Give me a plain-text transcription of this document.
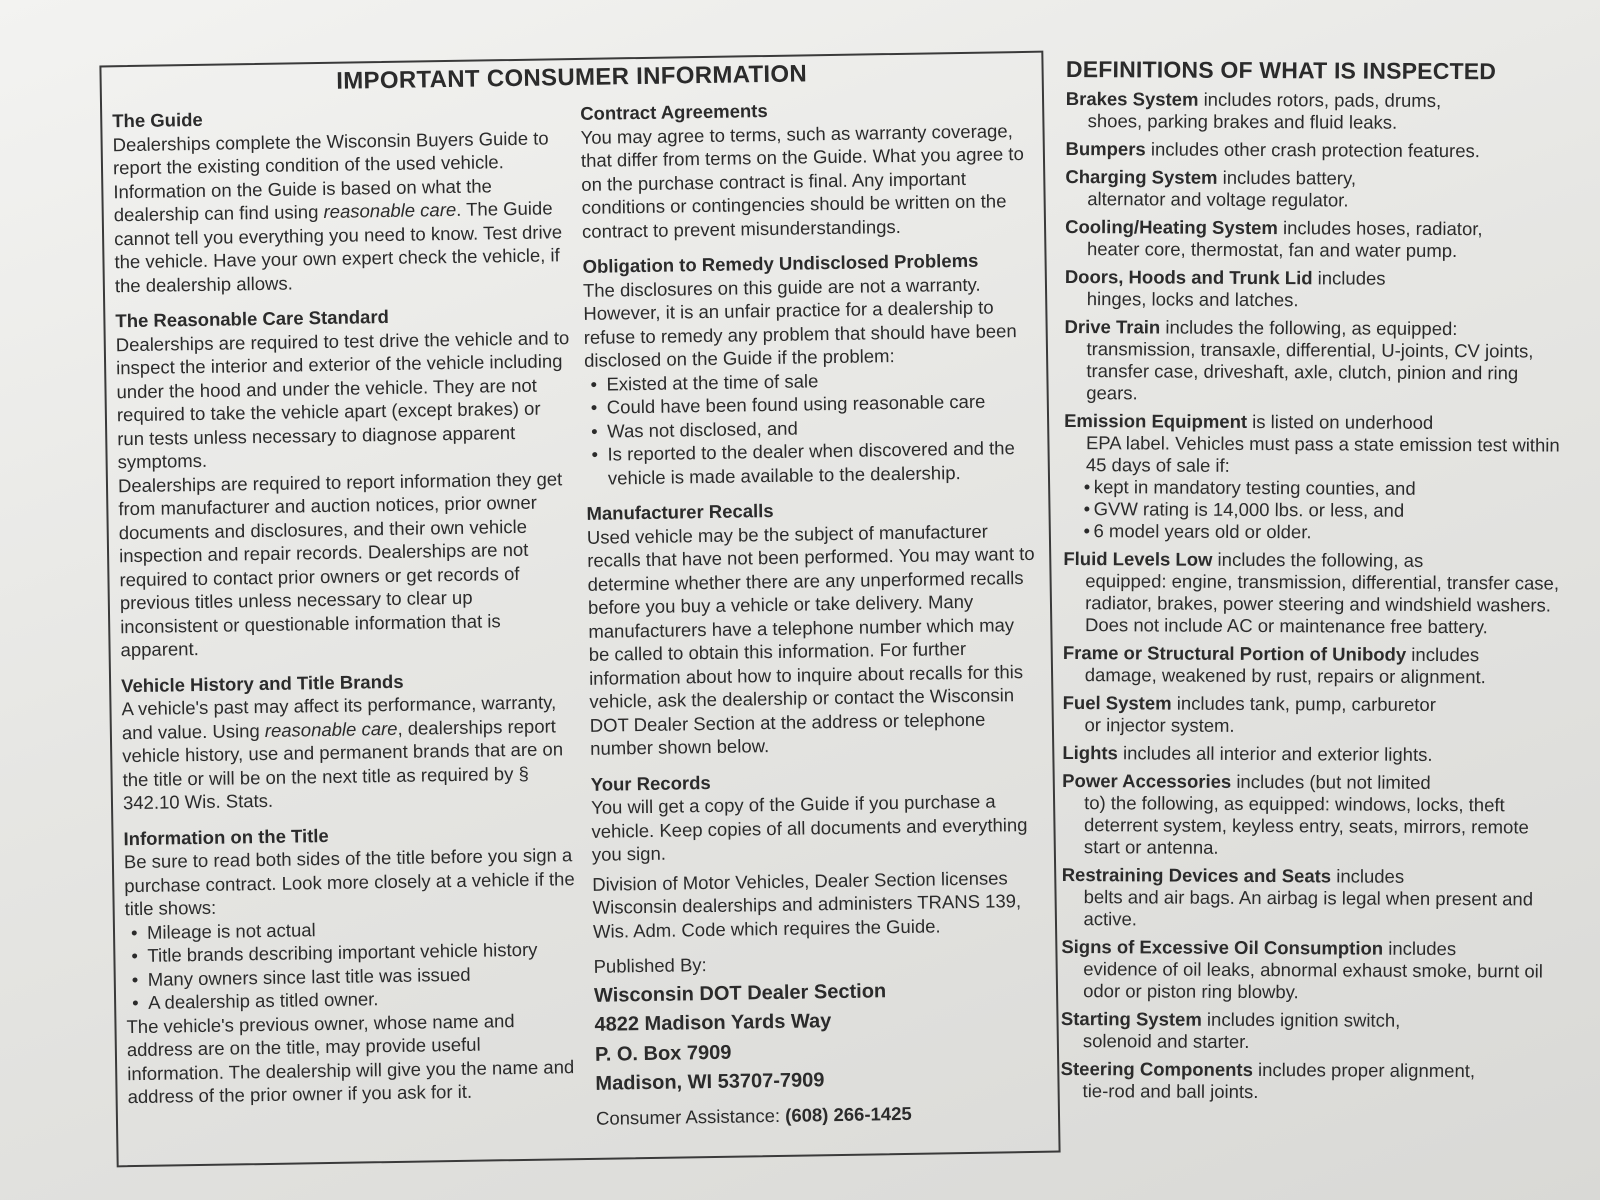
IMPORTANT CONSUMER INFORMATION
The Guide

Dealerships complete the Wisconsin Buyers Guide to report the existing condition of the used vehicle. Information on the Guide is based on what the dealership can find using reasonable care. The Guide cannot tell you everything you need to know. Test drive the vehicle. Have your own expert check the vehicle, if the dealership allows.

The Reasonable Care Standard

Dealerships are required to test drive the vehicle and to inspect the interior and exterior of the vehicle including under the hood and under the vehicle. They are not required to take the vehicle apart (except brakes) or run tests unless necessary to diagnose apparent symptoms.

Dealerships are required to report information they get from manufacturer and auction notices, prior owner documents and disclosures, and their own vehicle inspection and repair records. Dealerships are not required to contact prior owners or get records of previous titles unless necessary to clear up inconsistent or questionable information that is apparent.

Vehicle History and Title Brands

A vehicle's past may affect its performance, warranty, and value. Using reasonable care, dealerships report vehicle history, use and permanent brands that are on the title or will be on the next title as required by § 342.10 Wis. Stats.

Information on the Title

Be sure to read both sides of the title before you sign a purchase contract. Look more closely at a vehicle if the title shows:

• Mileage is not actual
• Title brands describing important vehicle history
• Many owners since last title was issued
• A dealership as titled owner.

The vehicle's previous owner, whose name and address are on the title, may provide useful information. The dealership will give you the name and address of the prior owner if you ask for it.

Contract Agreements

You may agree to terms, such as warranty coverage, that differ from terms on the Guide. What you agree to on the purchase contract is final. Any important conditions or contingencies should be written on the contract to prevent misunderstandings.

Obligation to Remedy Undisclosed Problems

The disclosures on this guide are not a warranty. However, it is an unfair practice for a dealership to refuse to remedy any problem that should have been disclosed on the Guide if the problem:

• Existed at the time of sale
• Could have been found using reasonable care
• Was not disclosed, and
• Is reported to the dealer when discovered and the vehicle is made available to the dealership.
Manufacturer Recalls

Used vehicle may be the subject of manufacturer recalls that have not been performed. You may want to determine whether there are any unperformed recalls before you buy a vehicle or take delivery. Many manufacturers have a telephone number which may be called to obtain this information. For further information about how to inquire about recalls for this vehicle, ask the dealership or contact the Wisconsin DOT Dealer Section at the address or telephone number shown below.

Your Records

You will get a copy of the Guide if you purchase a vehicle. Keep copies of all documents and everything you sign.

Division of Motor Vehicles, Dealer Section licenses Wisconsin dealerships and administers TRANS 139, Wis. Adm. Code which requires the Guide.

Published By:

Wisconsin DOT Dealer Section

4822 Madison Yards Way

P. O. Box 7909

Madison, WI 53707-7909

Consumer Assistance: (608) 266-1425

DEFINITIONS OF WHAT IS INSPECTED
Brakes System includes rotors, pads, drums,
shoes, parking brakes and fluid leaks.
Bumpers includes other crash protection features.
Charging System includes battery,
alternator and voltage regulator.
Cooling/Heating System includes hoses, radiator,
heater core, thermostat, fan and water pump.
Doors, Hoods and Trunk Lid includes
hinges, locks and latches.
Drive Train includes the following, as equipped:
transmission, transaxle, differential, U-joints, CV joints, transfer case, driveshaft, axle, clutch, pinion and ring gears.
Emission Equipment is listed on underhood
EPA label. Vehicles must pass a state emission test within 45 days of sale if:
• kept in mandatory testing counties, and
• GVW rating is 14,000 lbs. or less, and
• 6 model years old or older.
Fluid Levels Low includes the following, as
equipped: engine, transmission, differential, transfer case, radiator, brakes, power steering and windshield washers. Does not include AC or maintenance free battery.
Frame or Structural Portion of Unibody includes
damage, weakened by rust, repairs or alignment.
Fuel System includes tank, pump, carburetor
or injector system.
Lights includes all interior and exterior lights.
Power Accessories includes (but not limited
to) the following, as equipped: windows, locks, theft deterrent system, keyless entry, seats, mirrors, remote start or antenna.
Restraining Devices and Seats includes
belts and air bags. An airbag is legal when present and active.
Signs of Excessive Oil Consumption includes
evidence of oil leaks, abnormal exhaust smoke, burnt oil odor or piston ring blowby.
Starting System includes ignition switch,
solenoid and starter.
Steering Components includes proper alignment,
tie-rod and ball joints.
